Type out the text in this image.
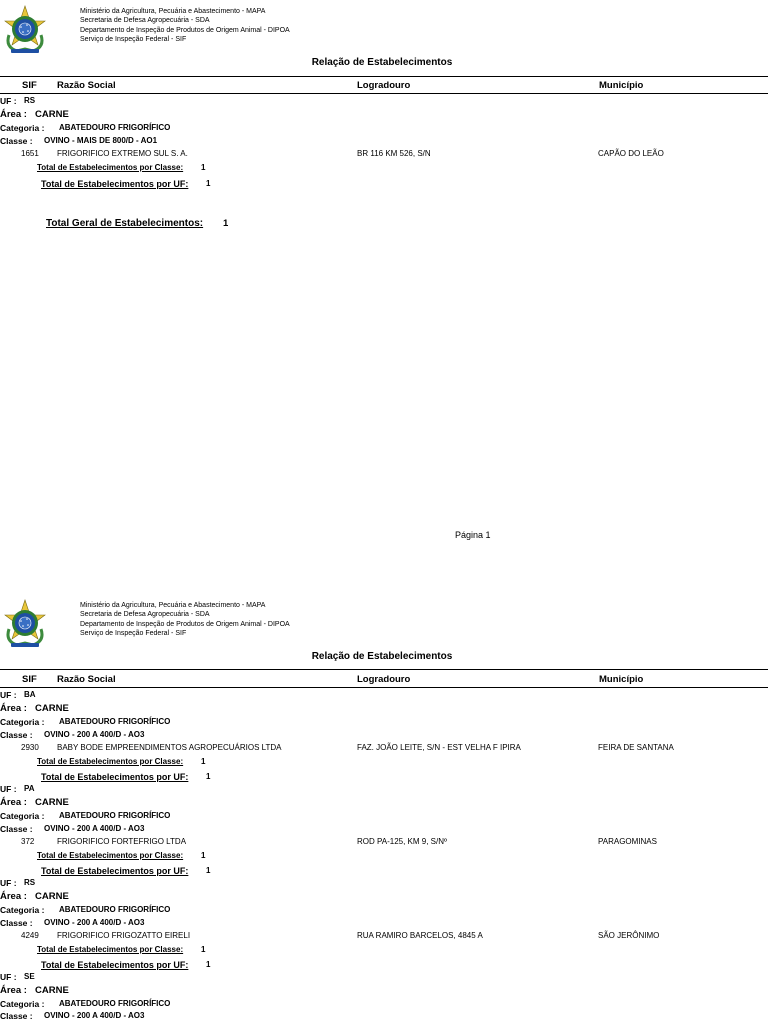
Ministério da Agricultura, Pecuária e Abastecimento - MAPA
Secretaria de Defesa Agropecuária - SDA
Departamento de Inspeção de Produtos de Origem Animal - DIPOA
Serviço de Inspeção Federal - SIF
Relação de Estabelecimentos
SIF Razão Social	Logradouro	Município
UF : RS
Área : CARNE
Categoria : ABATEDOURO FRIGORÍFICO
Classe : OVINO - MAIS DE 800/D - AO1
1651 FRIGORIFICO EXTREMO SUL S. A.	BR 116 KM 526, S/N	CAPÃO DO LEÃO
Total de Estabelecimentos por Classe: 1
Total de Estabelecimentos por UF: 1
Total Geral de Estabelecimentos: 1
Página 1
Ministério da Agricultura, Pecuária e Abastecimento - MAPA
Secretaria de Defesa Agropecuária - SDA
Departamento de Inspeção de Produtos de Origem Animal - DIPOA
Serviço de Inspeção Federal - SIF
Relação de Estabelecimentos
SIF Razão Social	Logradouro	Município
UF : BA
Área : CARNE
Categoria : ABATEDOURO FRIGORÍFICO
Classe : OVINO - 200 A 400/D - AO3
2930 BABY BODE EMPREENDIMENTOS AGROPECUÁRIOS LTDA	FAZ. JOÃO LEITE, S/N - EST VELHA F IPIRA	FEIRA DE SANTANA
Total de Estabelecimentos por Classe: 1
Total de Estabelecimentos por UF: 1
UF : PA
Área : CARNE
Categoria : ABATEDOURO FRIGORÍFICO
Classe : OVINO - 200 A 400/D - AO3
372	FRIGORIFICO FORTEFRIGO LTDA	ROD PA-125, KM 9, S/Nº	PARAGOMINAS
Total de Estabelecimentos por Classe: 1
Total de Estabelecimentos por UF: 1
UF : RS
Área : CARNE
Categoria : ABATEDOURO FRIGORÍFICO
Classe : OVINO - 200 A 400/D - AO3
4249 FRIGORIFICO FRIGOZATTO EIRELI	RUA RAMIRO BARCELOS, 4845 A	SÃO JERÔNIMO
Total de Estabelecimentos por Classe: 1
Total de Estabelecimentos por UF: 1
UF : SE
Área : CARNE
Categoria : ABATEDOURO FRIGORÍFICO
Classe : OVINO - 200 A 400/D - AO3
